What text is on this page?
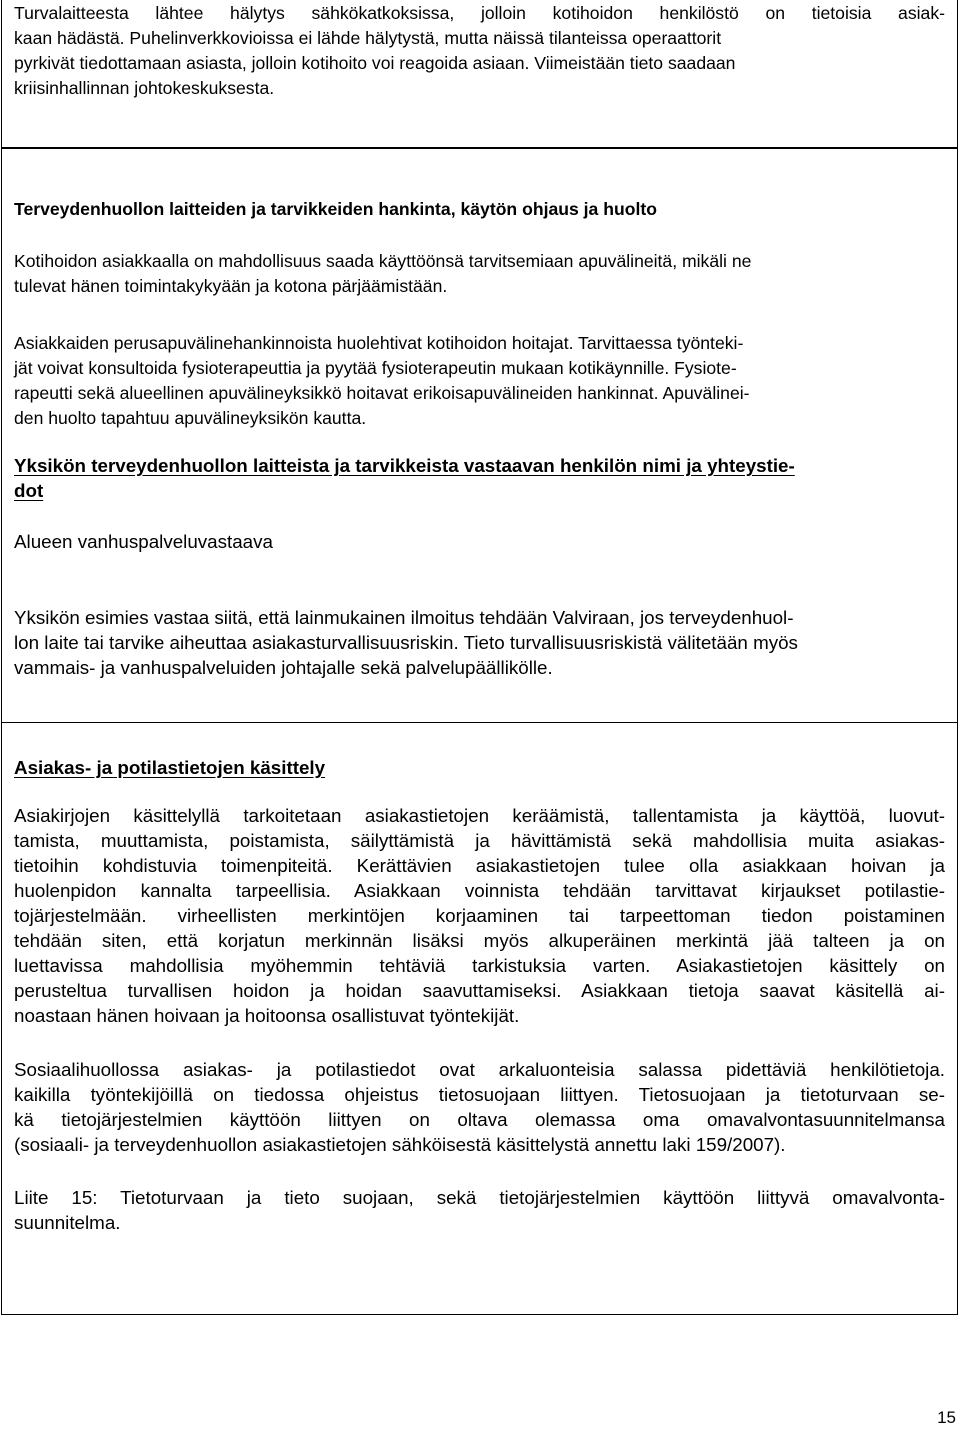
Turvalaitteesta lähtee hälytys sähkökatkoksissa, jolloin kotihoidon henkilöstö on tietoisia asiak-
kaan hädästä. Puhelinverkkovioissa ei lähde hälytystä, mutta näissä tilanteissa operaattorit
pyrkivät tiedottamaan asiasta, jolloin kotihoito voi reagoida asiaan. Viimeistään tieto saadaan
kriisinhallinnan johtokeskuksesta.

Terveydenhuollon laitteiden ja tarvikkeiden hankinta, käytön ohjaus ja huolto

Kotihoidon asiakkaalla on mahdollisuus saada käyttöönsä tarvitsemiaan apuvälineitä, mikäli ne
tulevat hänen toimintakykyään ja kotona pärjäämistään.

Asiakkaiden perusapuvälinehankinnoista huolehtivat kotihoidon hoitajat. Tarvittaessa työnteki-
jät voivat konsultoida fysioterapeuttia ja pyytää fysioterapeutin mukaan kotikäynnille. Fysiote-
rapeutti sekä alueellinen apuvälineyksikkö hoitavat erikoisapuvälineiden hankinnat. Apuvälinei-
den huolto tapahtuu apuvälineyksikön kautta.

Yksikön terveydenhuollon laitteista ja tarvikkeista vastaavan henkilön nimi ja yhteystie-
dot

Alueen vanhuspalveluvastaava

Yksikön esimies vastaa siitä, että lainmukainen ilmoitus tehdään Valviraan, jos terveydenhuol-
lon laite tai tarvike aiheuttaa asiakasturvallisuusriskin. Tieto turvallisuusriskistä välitetään myös
vammais- ja vanhuspalveluiden johtajalle sekä palvelupäällikölle.

Asiakas- ja potilastietojen käsittely

Asiakirjojen käsittelyllä tarkoitetaan asiakastietojen keräämistä, tallentamista ja käyttöä, luovut-
tamista, muuttamista, poistamista, säilyttämistä ja hävittämistä sekä mahdollisia muita asiakas-
tietoihin kohdistuvia toimenpiteitä. Kerättävien asiakastietojen tulee olla asiakkaan hoivan ja
huolenpidon kannalta tarpeellisia. Asiakkaan voinnista tehdään tarvittavat kirjaukset potilastie-
tojärjestelmään. virheellisten merkintöjen korjaaminen tai tarpeettoman tiedon poistaminen
tehdään siten, että korjatun merkinnän lisäksi myös alkuperäinen merkintä jää talteen ja on
luettavissa mahdollisia myöhemmin tehtäviä tarkistuksia varten. Asiakastietojen käsittely on
perusteltua turvallisen hoidon ja hoidan saavuttamiseksi. Asiakkaan tietoja saavat käsitellä ai-
noastaan hänen hoivaan ja hoitoonsa osallistuvat työntekijät.

Sosiaalihuollossa asiakas- ja potilastiedot ovat arkaluonteisia salassa pidettäviä henkilötietoja.
kaikilla työntekijöillä on tiedossa ohjeistus tietosuojaan liittyen. Tietosuojaan ja tietoturvaan se-
kä tietojärjestelmien käyttöön liittyen on oltava olemassa oma omavalvontasuunnitelmansa
(sosiaali- ja terveydenhuollon asiakastietojen sähköisestä käsittelystä annettu laki 159/2007).

Liite 15: Tietoturvaan ja tieto suojaan, sekä tietojärjestelmien käyttöön liittyvä omavalvonta-
suunnitelma.

15
